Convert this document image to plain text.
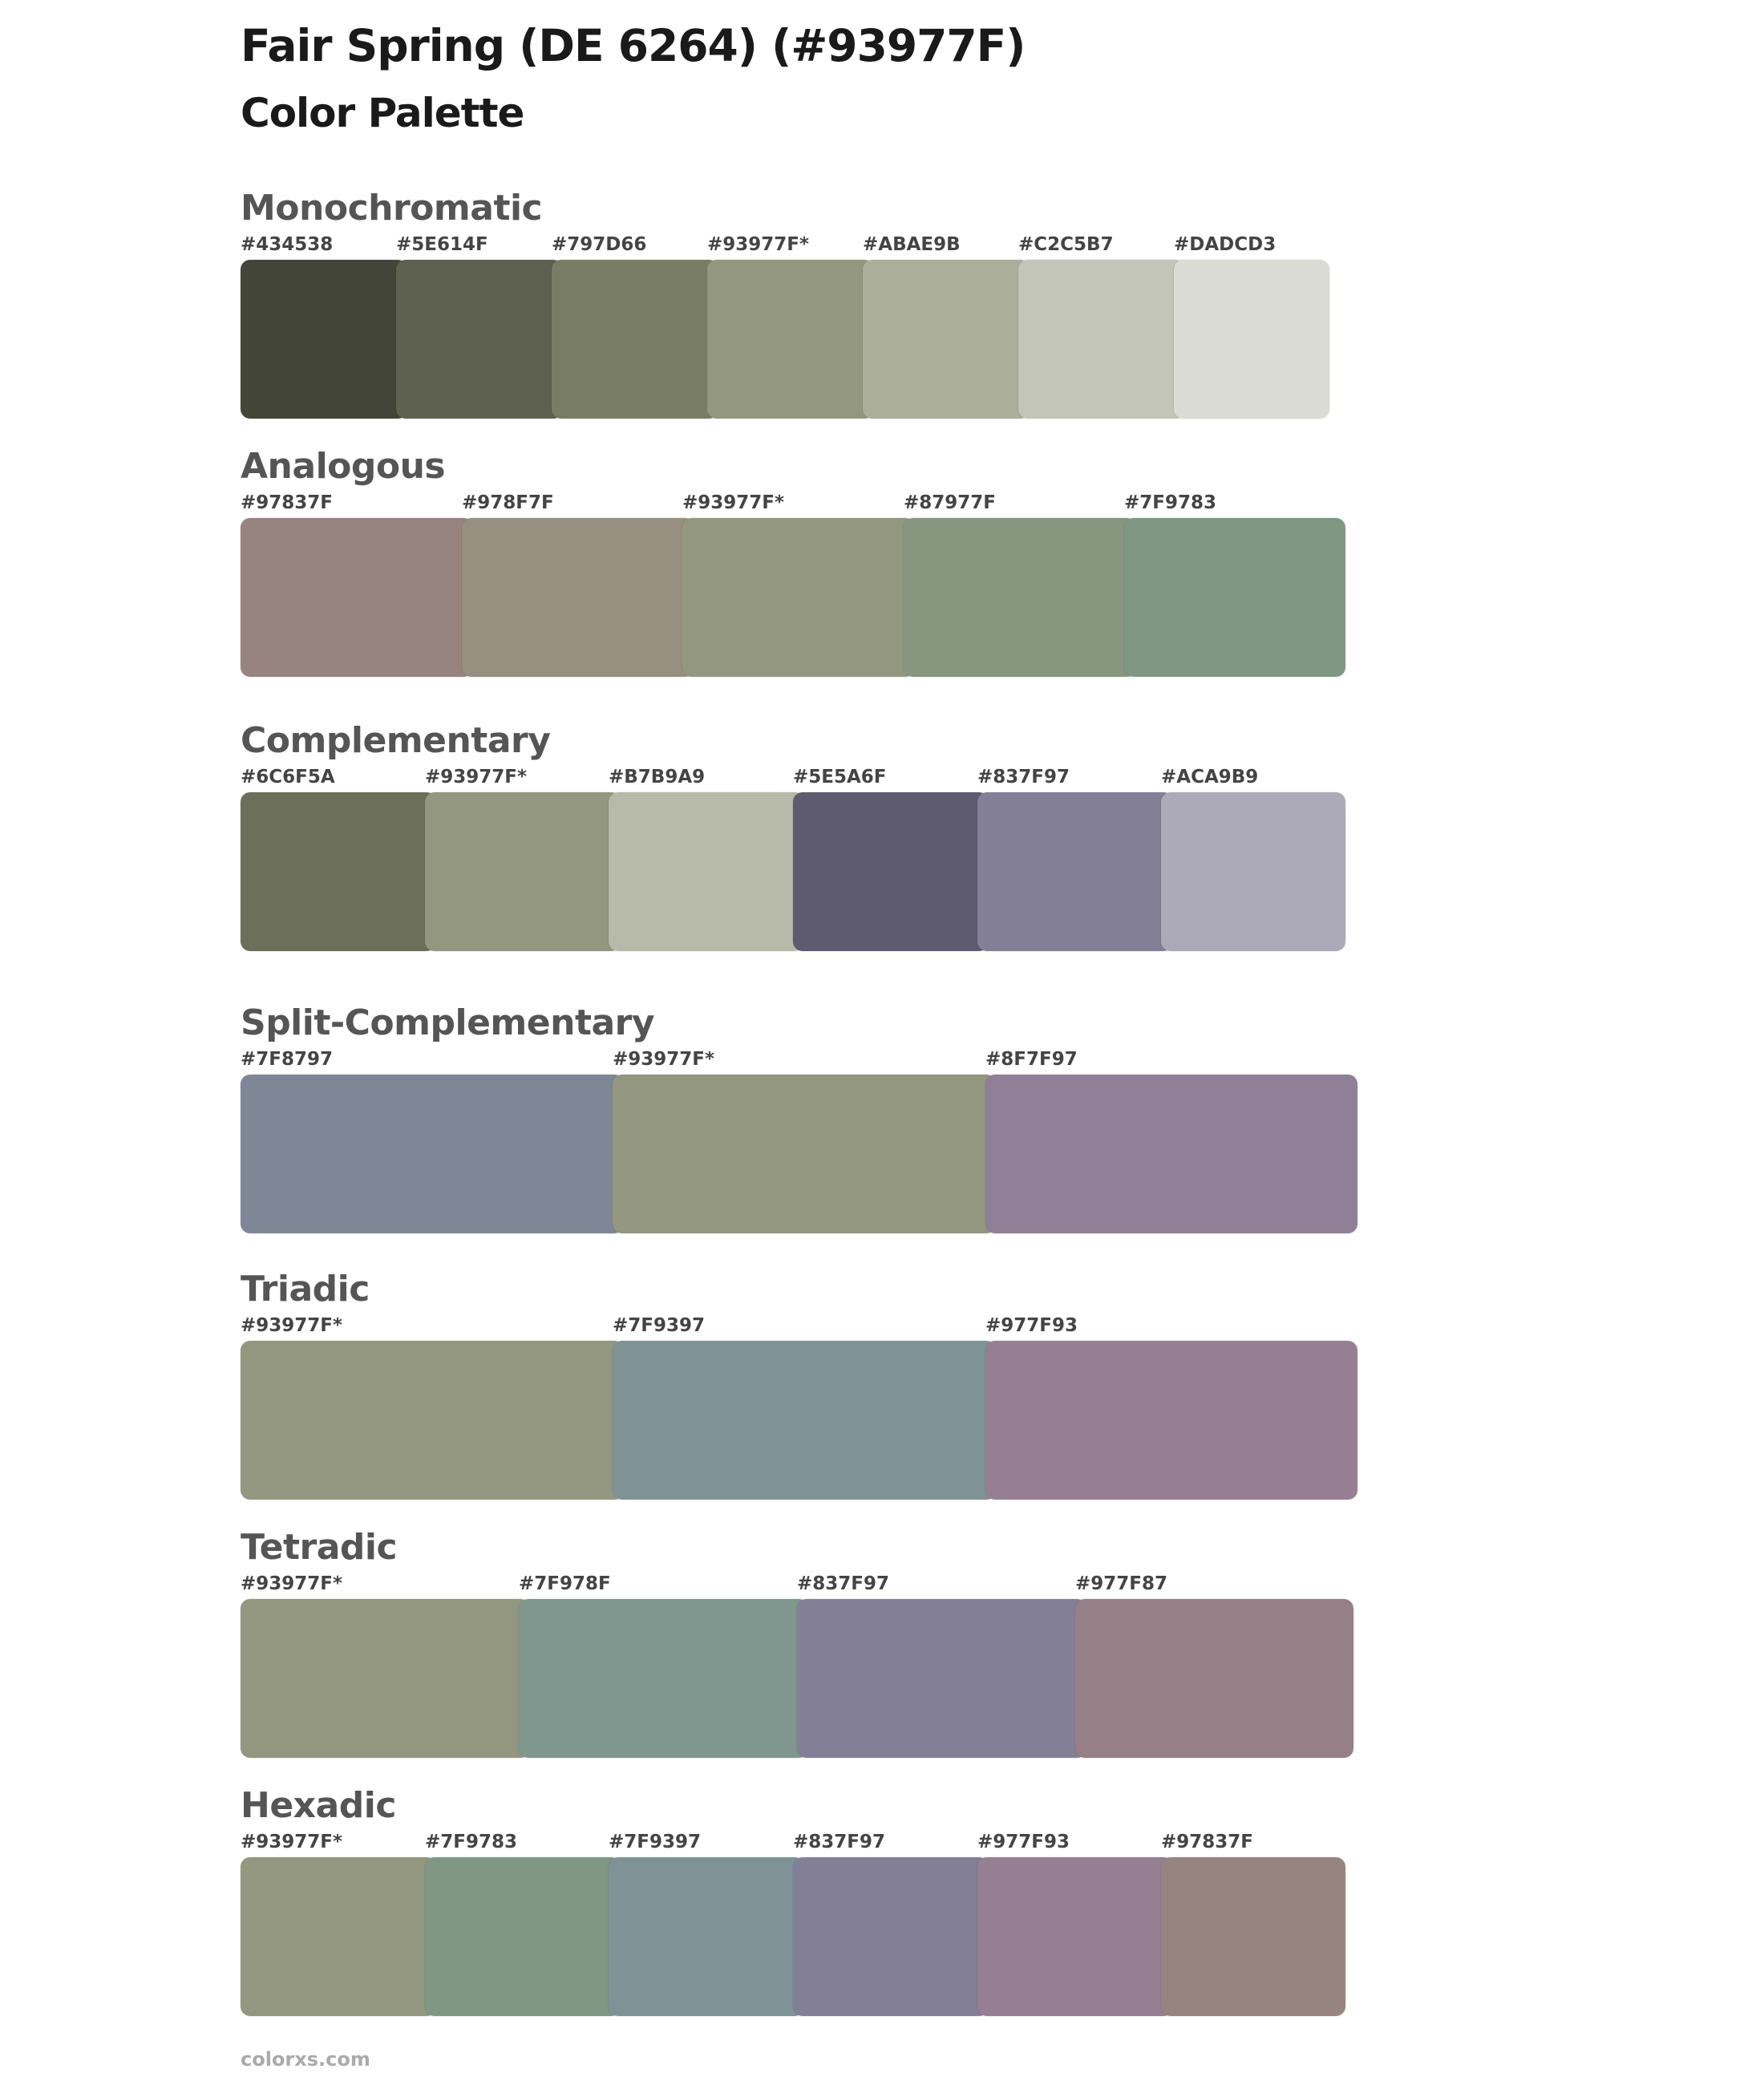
Fair Spring (DE 6264) (#93977F)
Color Palette
Monochromatic
#434538	#5E614F	#797D66	#93977F*	#ABAE9B	#C2C5B7	#DADCD3
Analogous
#97837F	#978F7F	#93977F*	#87977F	#7F9783
Complementary
#6C6F5A	#93977F*	#B7B9A9	#5E5A6F	#837F97	#ACA9B9
Split-Complementary
#7F8797	#93977F*	#8F7F97
Triadic
#93977F*	#7F9397	#977F93
Tetradic
#93977F*	#7F978F	#837F97	#977F87
Hexadic
#93977F*	#7F9783	#7F9397	#837F97	#977F93	#97837F
colorxs.com
